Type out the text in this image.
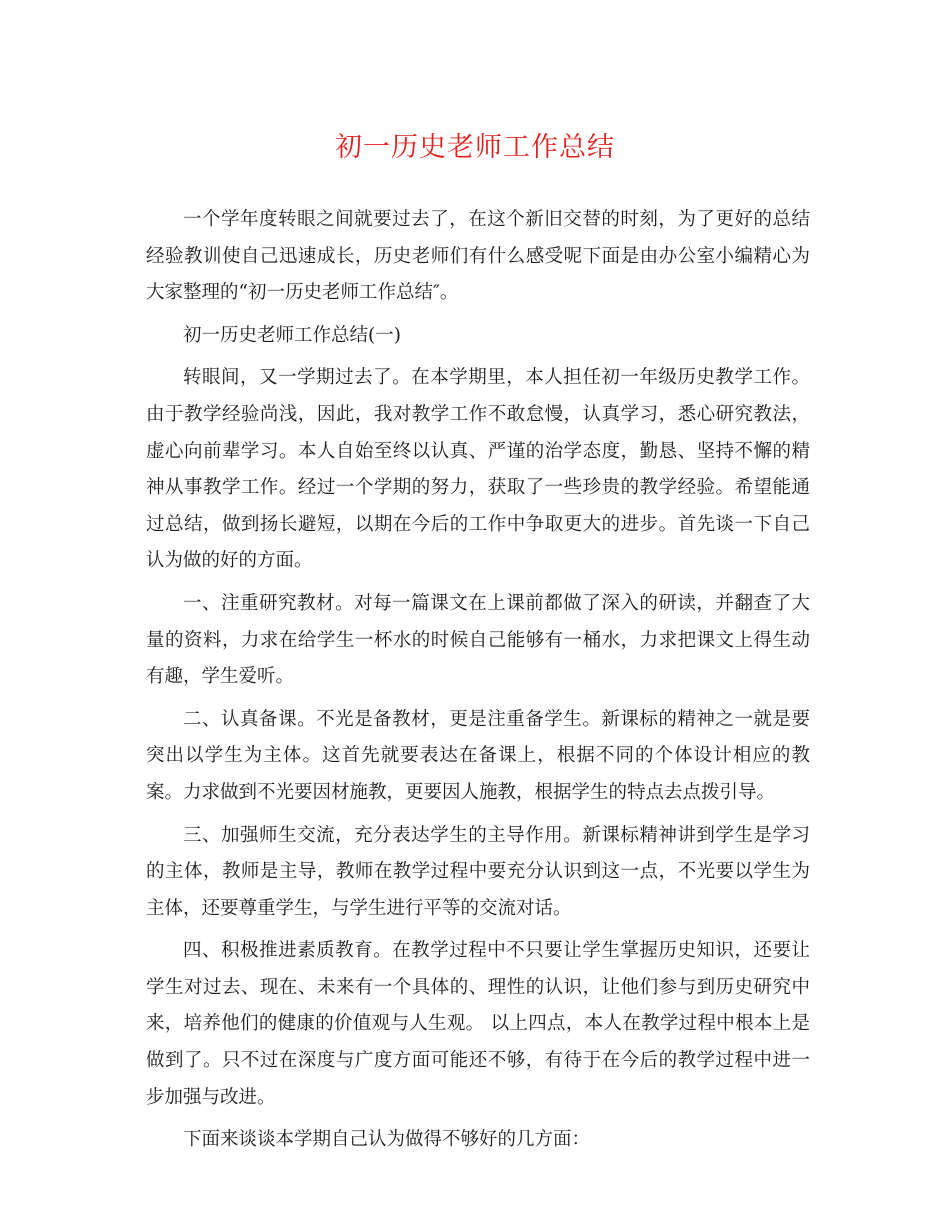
初一历史老师工作总结

一个学年度转眼之间就要过去了，在这个新旧交替的时刻，为了更好的总结经验教训使自己迅速成长，历史老师们有什么感受呢下面是由办公室小编精心为大家整理的“初一历史老师工作总结″。

初一历史老师工作总结(一)

转眼间，又一学期过去了。在本学期里，本人担任初一年级历史教学工作。由于教学经验尚浅，因此，我对教学工作不敢怠慢，认真学习，悉心研究教法，虚心向前辈学习。本人自始至终以认真、严谨的治学态度，勤恳、坚持不懈的精神从事教学工作。经过一个学期的努力，获取了一些珍贵的教学经验。希望能通过总结，做到扬长避短，以期在今后的工作中争取更大的进步。首先谈一下自己认为做的好的方面。

一、注重研究教材。对每一篇课文在上课前都做了深入的研读，并翻查了大量的资料，力求在给学生一杯水的时候自己能够有一桶水，力求把课文上得生动有趣，学生爱听。

二、认真备课。不光是备教材，更是注重备学生。新课标的精神之一就是要突出以学生为主体。这首先就要表达在备课上，根据不同的个体设计相应的教案。力求做到不光要因材施教，更要因人施教，根据学生的特点去点拨引导。

三、加强师生交流，充分表达学生的主导作用。新课标精神讲到学生是学习的主体，教师是主导，教师在教学过程中要充分认识到这一点，不光要以学生为主体，还要尊重学生，与学生进行平等的交流对话。

四、积极推进素质教育。在教学过程中不只要让学生掌握历史知识，还要让学生对过去、现在、未来有一个具体的、理性的认识，让他们参与到历史研究中来，培养他们的健康的价值观与人生观。 以上四点，本人在教学过程中根本上是做到了。只不过在深度与广度方面可能还不够，有待于在今后的教学过程中进一步加强与改进。

下面来谈谈本学期自己认为做得不够好的几方面：
